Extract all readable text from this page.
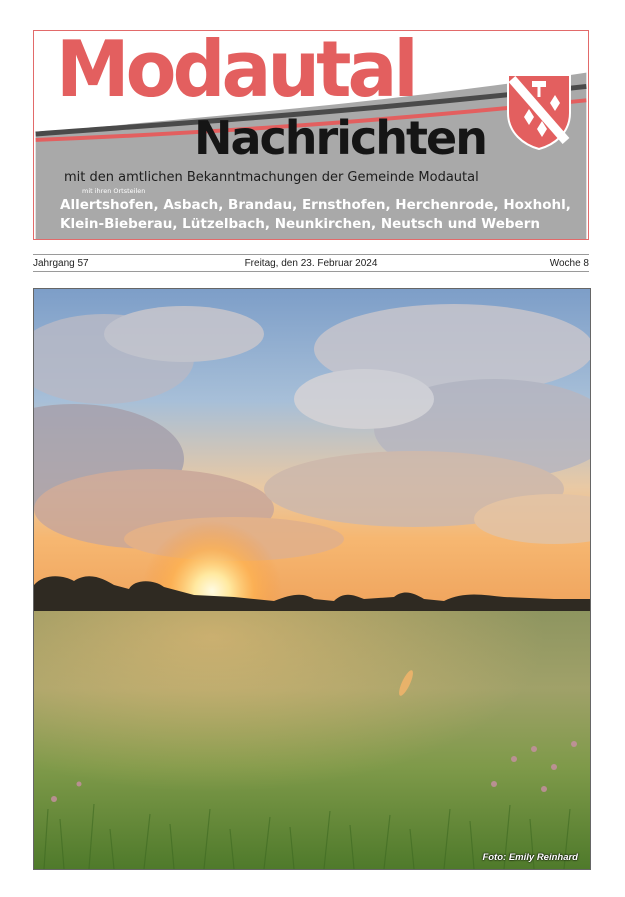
Modautal
Nachrichten
mit den amtlichen Bekanntmachungen der Gemeinde Modautal
mit ihren Ortsteilen
Allertshofen, Asbach, Brandau, Ernsthofen, Herchenrode, Hoxhohl,
Klein-Bieberau, Lützelbach, Neunkirchen, Neutsch und Webern
Jahrgang 57	Freitag, den 23. Februar 2024	Woche 8
Foto: Emily Reinhard
